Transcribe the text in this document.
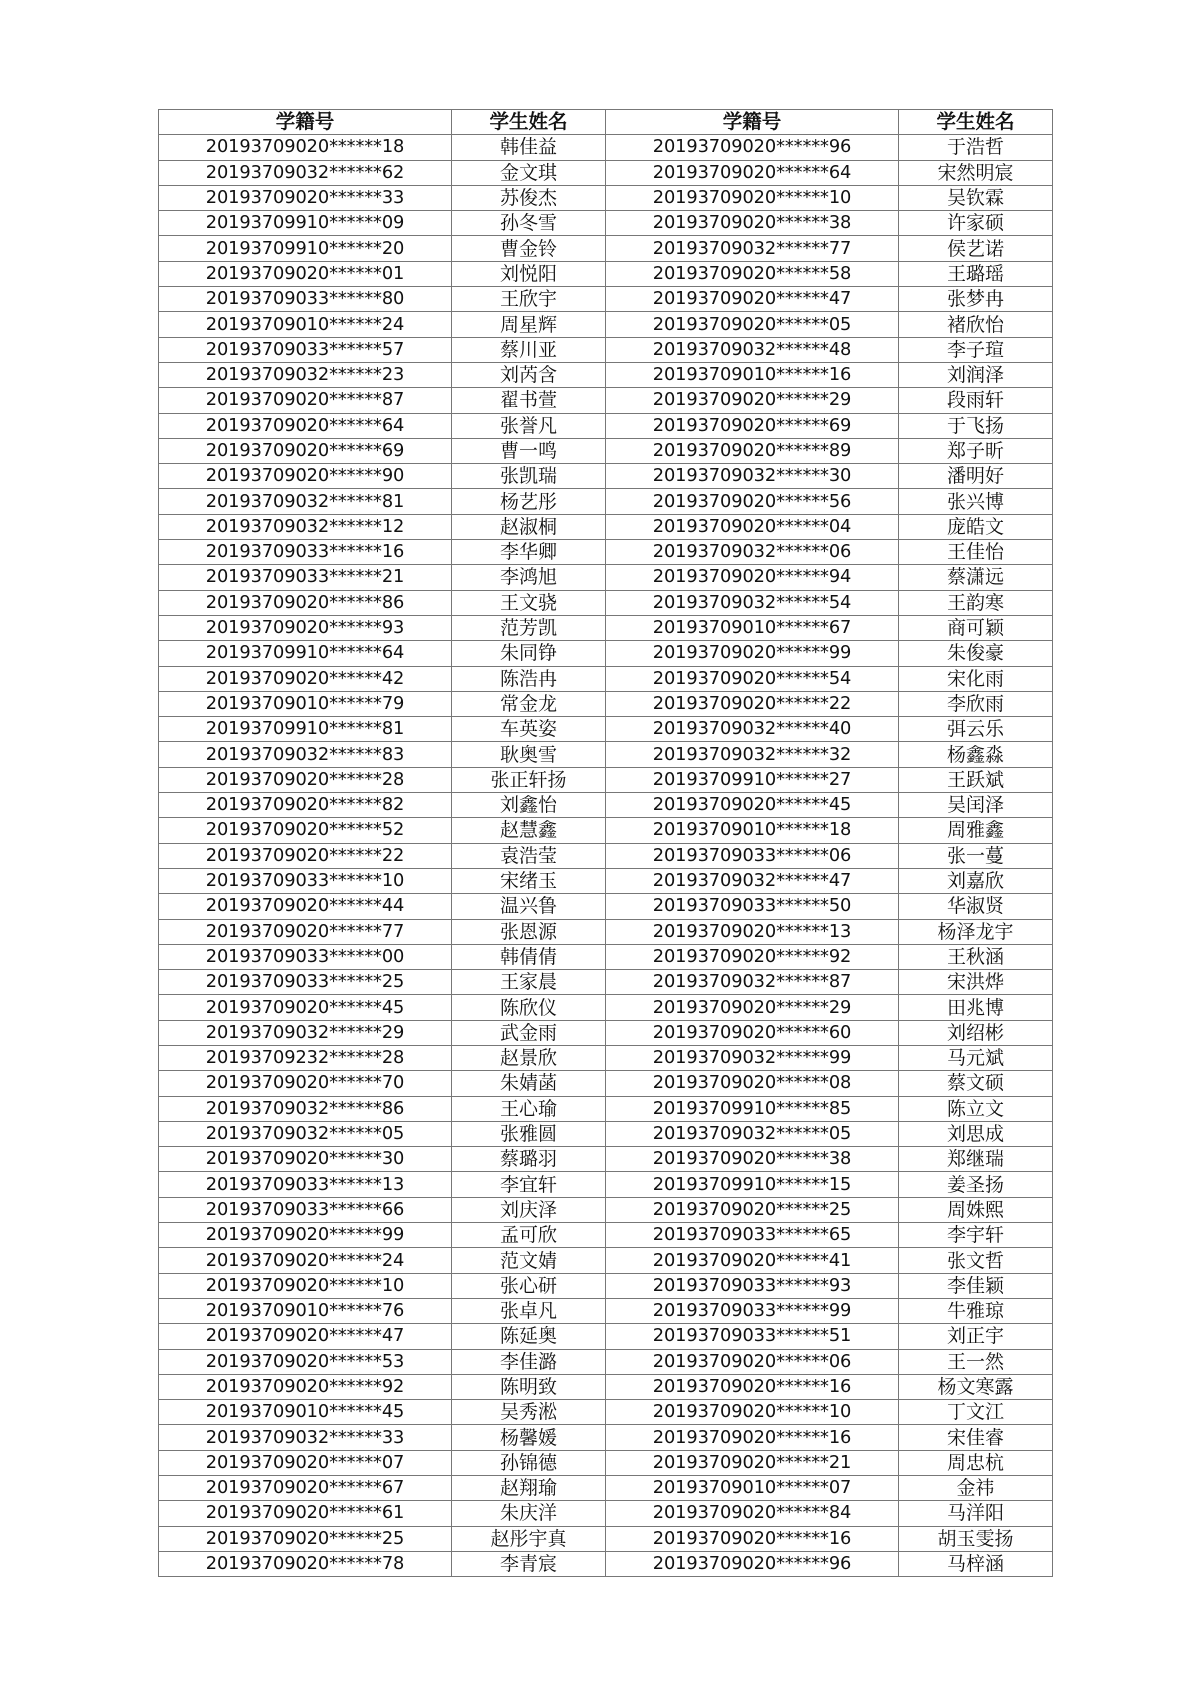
学籍号	学生姓名	学籍号	学生姓名
20193709020******18	韩佳益	20193709020******96	于浩哲
20193709032******62	金文琪	20193709020******64	宋然明宸
20193709020******33	苏俊杰	20193709020******10	吴钦霖
20193709910******09	孙冬雪	20193709020******38	许家硕
20193709910******20	曹金铃	20193709032******77	侯艺诺
20193709020******01	刘悦阳	20193709020******58	王璐瑶
20193709033******80	王欣宇	20193709020******47	张梦冉
20193709010******24	周星辉	20193709020******05	褚欣怡
20193709033******57	蔡川亚	20193709032******48	李子瑄
20193709032******23	刘芮含	20193709010******16	刘润泽
20193709020******87	翟书萱	20193709020******29	段雨轩
20193709020******64	张誉凡	20193709020******69	于飞扬
20193709020******69	曹一鸣	20193709020******89	郑子昕
20193709020******90	张凯瑞	20193709032******30	潘明好
20193709032******81	杨艺彤	20193709020******56	张兴博
20193709032******12	赵淑桐	20193709020******04	庞皓文
20193709033******16	李华卿	20193709032******06	王佳怡
20193709033******21	李鸿旭	20193709020******94	蔡潇远
20193709020******86	王文骁	20193709032******54	王韵寒
20193709020******93	范芳凯	20193709010******67	商可颖
20193709910******64	朱同铮	20193709020******99	朱俊豪
20193709020******42	陈浩冉	20193709020******54	宋化雨
20193709010******79	常金龙	20193709020******22	李欣雨
20193709910******81	车英姿	20193709032******40	弭云乐
20193709032******83	耿奥雪	20193709032******32	杨鑫淼
20193709020******28	张正轩扬	20193709910******27	王跃斌
20193709020******82	刘鑫怡	20193709020******45	吴闰泽
20193709020******52	赵慧鑫	20193709010******18	周雅鑫
20193709020******22	袁浩莹	20193709033******06	张一蔓
20193709033******10	宋绪玉	20193709032******47	刘嘉欣
20193709020******44	温兴鲁	20193709033******50	华淑贤
20193709020******77	张恩源	20193709020******13	杨泽龙宇
20193709033******00	韩倩倩	20193709020******92	王秋涵
20193709033******25	王家晨	20193709032******87	宋洪烨
20193709020******45	陈欣仪	20193709020******29	田兆博
20193709032******29	武金雨	20193709020******60	刘绍彬
20193709232******28	赵景欣	20193709032******99	马元斌
20193709020******70	朱婧菡	20193709020******08	蔡文硕
20193709032******86	王心瑜	20193709910******85	陈立文
20193709032******05	张雅圆	20193709032******05	刘思成
20193709020******30	蔡璐羽	20193709020******38	郑继瑞
20193709033******13	李宜轩	20193709910******15	姜圣扬
20193709033******66	刘庆泽	20193709020******25	周姝熙
20193709020******99	孟可欣	20193709033******65	李宇轩
20193709020******24	范文婧	20193709020******41	张文哲
20193709020******10	张心研	20193709033******93	李佳颖
20193709010******76	张卓凡	20193709033******99	牛雅琼
20193709020******47	陈延奥	20193709033******51	刘正宇
20193709020******53	李佳潞	20193709020******06	王一然
20193709020******92	陈明致	20193709020******16	杨文寒露
20193709010******45	吴秀淞	20193709020******10	丁文江
20193709032******33	杨馨媛	20193709020******16	宋佳睿
20193709020******07	孙锦德	20193709020******21	周忠杭
20193709020******67	赵翔瑜	20193709010******07	金祎
20193709020******61	朱庆洋	20193709020******84	马洋阳
20193709020******25	赵彤宇真	20193709020******16	胡玉雯扬
20193709020******78	李青宸	20193709020******96	马梓涵
